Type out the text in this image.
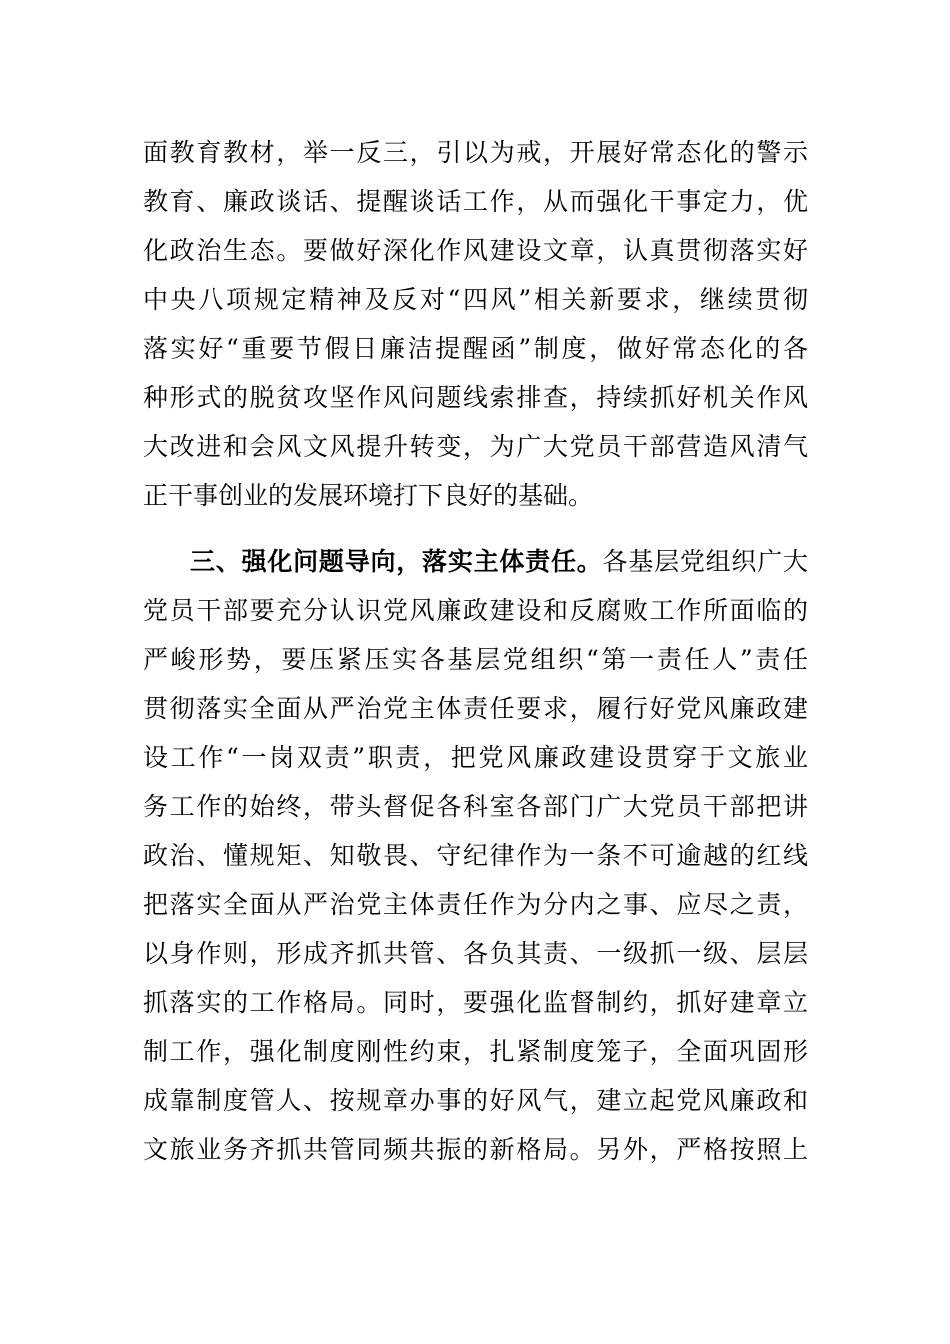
面教育教材，举一反三，引以为戒，开展好常态化的警示
教育、廉政谈话、提醒谈话工作，从而强化干事定力，优
化政治生态。要做好深化作风建设文章，认真贯彻落实好
中央八项规定精神及反对“四风”相关新要求，继续贯彻
落实好“重要节假日廉洁提醒函”制度，做好常态化的各
种形式的脱贫攻坚作风问题线索排查，持续抓好机关作风
大改进和会风文风提升转变，为广大党员干部营造风清气
正干事创业的发展环境打下良好的基础。
三、强化问题导向，落实主体责任。各基层党组织广大
党员干部要充分认识党风廉政建设和反腐败工作所面临的
严峻形势，要压紧压实各基层党组织“第一责任人”责任
贯彻落实全面从严治党主体责任要求，履行好党风廉政建
设工作“一岗双责”职责，把党风廉政建设贯穿于文旅业
务工作的始终，带头督促各科室各部门广大党员干部把讲
政治、懂规矩、知敬畏、守纪律作为一条不可逾越的红线
把落实全面从严治党主体责任作为分内之事、应尽之责，
以身作则，形成齐抓共管、各负其责、一级抓一级、层层
抓落实的工作格局。同时，要强化监督制约，抓好建章立
制工作，强化制度刚性约束，扎紧制度笼子，全面巩固形
成靠制度管人、按规章办事的好风气，建立起党风廉政和
文旅业务齐抓共管同频共振的新格局。另外，严格按照上
